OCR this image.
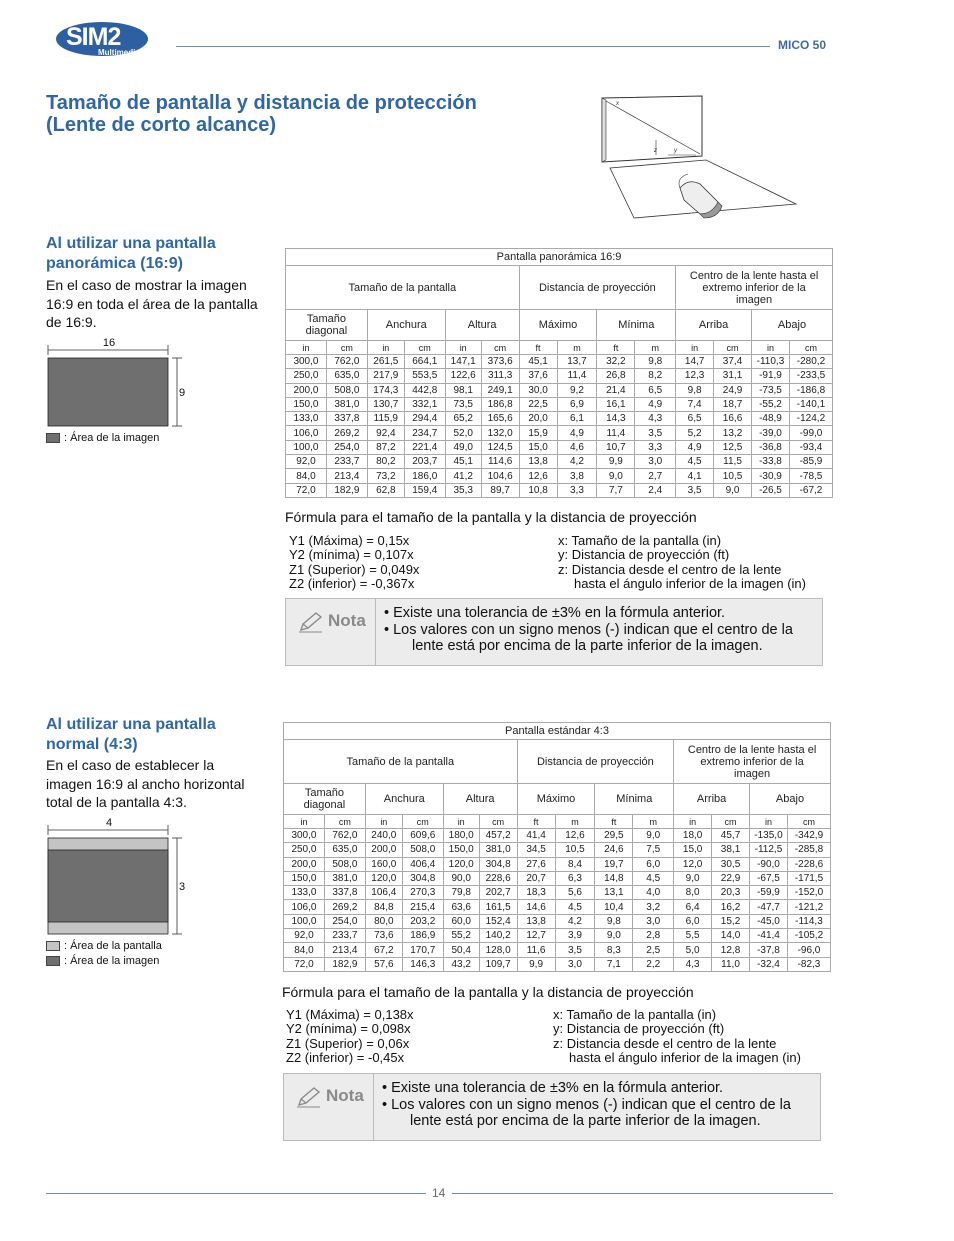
SIM2
Multimedia
MICO 50
Tamaño de pantalla y distancia de protección
(Lente de corto alcance)
x
z	y
Al utilizar una pantalla
panorámica (16:9)
En el caso de mostrar la imagen
16:9 en toda el área de la pantalla
de 16:9.
16
9
: Área de la imagen
Pantalla panorámica 16:9													
Tamaño de la pantalla						Distancia de proyección				Centro de la lente hasta el
extremo inferior de la
imagen			

Tamaño
diagonal		Anchura		Altura		Máximo		Mínima		Arriba		Abajo	
in	cm	in	cm	in	cm	ft	m	ft	m	in	cm	in	cm
300,0	762,0	261,5	664,1	147,1	373,6	45,1	13,7	32,2	9,8	14,7	37,4	-110,3	-280,2
250,0	635,0	217,9	553,5	122,6	311,3	37,6	11,4	26,8	8,2	12,3	31,1	-91,9	-233,5
200,0	508,0	174,3	442,8	98,1	249,1	30,0	9,2	21,4	6,5	9,8	24,9	-73,5	-186,8
150,0	381,0	130,7	332,1	73,5	186,8	22,5	6,9	16,1	4,9	7,4	18,7	-55,2	-140,1
133,0	337,8	115,9	294,4	65,2	165,6	20,0	6,1	14,3	4,3	6,5	16,6	-48,9	-124,2
106,0	269,2	92,4	234,7	52,0	132,0	15,9	4,9	11,4	3,5	5,2	13,2	-39,0	-99,0
100,0	254,0	87,2	221,4	49,0	124,5	15,0	4,6	10,7	3,3	4,9	12,5	-36,8	-93,4
92,0	233,7	80,2	203,7	45,1	114,6	13,8	4,2	9,9	3,0	4,5	11,5	-33,8	-85,9
84,0	213,4	73,2	186,0	41,2	104,6	12,6	3,8	9,0	2,7	4,1	10,5	-30,9	-78,5
72,0	182,9	62,8	159,4	35,3	89,7	10,8	3,3	7,7	2,4	3,5	9,0	-26,5	-67,2
Fórmula para el tamaño de la pantalla y la distancia de proyección
Y1 (Máxima) = 0,15x
Y2 (mínima) = 0,107x
Z1 (Superior) = 0,049x
Z2 (inferior) = -0,367x
x: Tamaño de la pantalla (in)
y: Distancia de proyección (ft)
z: Distancia desde el centro de la lente
hasta el ángulo inferior de la imagen (in)
Nota • Existe una tolerancia de ±3% en la fórmula anterior.
• Los valores con un signo menos (-) indican que el centro de la
lente está por encima de la parte inferior de la imagen.
Al utilizar una pantalla
normal (4:3)
En el caso de establecer la
imagen 16:9 al ancho horizontal
total de la pantalla 4:3.
4
3
: Área de la pantalla
: Área de la imagen
Pantalla estándar 4:3													
Tamaño de la pantalla						Distancia de proyección				Centro de la lente hasta el
extremo inferior de la
imagen			

Tamaño
diagonal		Anchura		Altura		Máximo		Mínima		Arriba		Abajo	
in	cm	in	cm	in	cm	ft	m	ft	m	in	cm	in	cm
300,0	762,0	240,0	609,6	180,0	457,2	41,4	12,6	29,5	9,0	18,0	45,7	-135,0	-342,9
250,0	635,0	200,0	508,0	150,0	381,0	34,5	10,5	24,6	7,5	15,0	38,1	-112,5	-285,8
200,0	508,0	160,0	406,4	120,0	304,8	27,6	8,4	19,7	6,0	12,0	30,5	-90,0	-228,6
150,0	381,0	120,0	304,8	90,0	228,6	20,7	6,3	14,8	4,5	9,0	22,9	-67,5	-171,5
133,0	337,8	106,4	270,3	79,8	202,7	18,3	5,6	13,1	4,0	8,0	20,3	-59,9	-152,0
106,0	269,2	84,8	215,4	63,6	161,5	14,6	4,5	10,4	3,2	6,4	16,2	-47,7	-121,2
100,0	254,0	80,0	203,2	60,0	152,4	13,8	4,2	9,8	3,0	6,0	15,2	-45,0	-114,3
92,0	233,7	73,6	186,9	55,2	140,2	12,7	3,9	9,0	2,8	5,5	14,0	-41,4	-105,2
84,0	213,4	67,2	170,7	50,4	128,0	11,6	3,5	8,3	2,5	5,0	12,8	-37,8	-96,0
72,0	182,9	57,6	146,3	43,2	109,7	9,9	3,0	7,1	2,2	4,3	11,0	-32,4	-82,3
Fórmula para el tamaño de la pantalla y la distancia de proyección
Y1 (Máxima) = 0,138x
Y2 (mínima) = 0,098x
Z1 (Superior) = 0,06x
Z2 (inferior) = -0,45x
x: Tamaño de la pantalla (in)
y: Distancia de proyección (ft)
z: Distancia desde el centro de la lente
hasta el ángulo inferior de la imagen (in)
Nota • Existe una tolerancia de ±3% en la fórmula anterior.
• Los valores con un signo menos (-) indican que el centro de la
lente está por encima de la parte inferior de la imagen.
14
